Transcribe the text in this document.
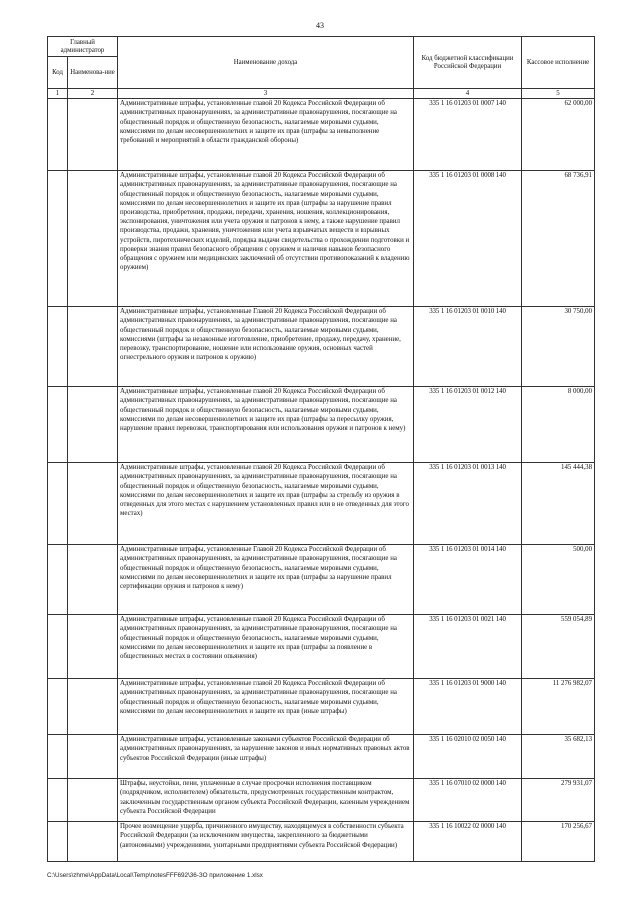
43
Главный администратор		Наименование дохода	Код бюджетной классификации Российской Федерации	Кассовое исполнение
Код	Наименова-ние			
1	2	3	4	5
		Административные штрафы, установленные главой 20 Кодекса Российской Федерации об административных правонарушениях, за административные правонарушения, посягающие на общественный порядок и общественную безопасность, налагаемые мировыми судьями, комиссиями по делам несовершеннолетних и защите их прав (штрафы за невыполнение требований и мероприятий в области гражданской обороны)	335 1 16 01203 01 0007 140	62 000,00
		Административные штрафы, установленные главой 20 Кодекса Российской Федерации об административных правонарушениях, за административные правонарушения, посягающие на общественный порядок и общественную безопасность, налагаемые мировыми судьями, комиссиями по делам несовершеннолетних и защите их прав (штрафы за нарушение правил производства, приобретения, продажи, передачи, хранения, ношения, коллекционирования, экспонирования, уничтожения или учета оружия и патронов к нему, а также нарушение правил производства, продажи, хранения, уничтожения или учета взрывчатых веществ и взрывных устройств, пиротехнических изделий, порядка выдачи свидетельства о прохождении подготовки и проверки знания правил безопасного обращения с оружием и наличия навыков безопасного обращения с оружием или медицинских заключений об отсутствии противопоказаний к владению оружием)	335 1 16 01203 01 0008 140	68 736,91
		Административные штрафы, установленные Главой 20 Кодекса Российской Федерации об административных правонарушениях, за административные правонарушения, посягающие на общественный порядок и общественную безопасность, налагаемые мировыми судьями, комиссиями (штрафы за незаконные изготовление, приобретение, продажу, передачу, хранение, перевозку, транспортирование, ношение или использование оружия, основных частей огнестрельного оружия и патронов к оружию)	335 1 16 01203 01 0010 140	30 750,00
		Административные штрафы, установленные главой 20 Кодекса Российской Федерации об административных правонарушениях, за административные правонарушения, посягающие на общественный порядок и общественную безопасность, налагаемые мировыми судьями, комиссиями по делам несовершеннолетних и защите их прав (штрафы за пересылку оружия, нарушение правил перевозки, транспортирования или использования оружия и патронов к нему)	335 1 16 01203 01 0012 140	8 000,00
		Административные штрафы, установленные главой 20 Кодекса Российской Федерации об административных правонарушениях, за административные правонарушения, посягающие на общественный порядок и общественную безопасность, налагаемые мировыми судьями, комиссиями по делам несовершеннолетних и защите их прав (штрафы за стрельбу из оружия в отведенных для этого местах с нарушением установленных правил или в не отведенных для этого местах)	335 1 16 01203 01 0013 140	145 444,38
		Административные штрафы, установленные Главой 20 Кодекса Российской Федерации об административных правонарушениях, за административные правонарушения, посягающие на общественный порядок и общественную безопасность, налагаемые мировыми судьями, комиссиями по делам несовершеннолетних и защите их прав (штрафы за нарушение правил сертификации оружия и патронов к нему)	335 1 16 01203 01 0014 140	500,00
		Административные штрафы, установленные главой 20 Кодекса Российской Федерации об административных правонарушениях, за административные правонарушения, посягающие на общественный порядок и общественную безопасность, налагаемые мировыми судьями, комиссиями по делам несовершеннолетних и защите их прав (штрафы за появление в общественных местах в состоянии опьянения)	335 1 16 01203 01 0021 140	559 054,89
		Административные штрафы, установленные главой 20 Кодекса Российской Федерации об административных правонарушениях, за административные правонарушения, посягающие на общественный порядок и общественную безопасность, налагаемые мировыми судьями, комиссиями по делам несовершеннолетних и защите их прав (иные штрафы)	335 1 16 01203 01 9000 140	11 276 982,07
		Административные штрафы, установленные законами субъектов Российской Федерации об административных правонарушениях, за нарушение законов и иных нормативных правовых актов субъектов Российской Федерации (иные штрафы)	335 1 16 02010 02 0050 140	35 682,13
		Штрафы, неустойки, пени, уплаченные в случае просрочки исполнения поставщиком (подрядчиком, исполнителем) обязательств, предусмотренных государственным контрактом, заключенным государственным органом субъекта Российской Федерации, казенным учреждением субъекта Российской Федерации	335 1 16 07010 02 0000 140	279 931,07
		Прочее возмещение ущерба, причиненного имуществу, находящемуся в собственности субъекта Российской Федерации (за исключением имущества, закрепленного за бюджетными (автономными) учреждениями, унитарными предприятиями субъекта Российской Федерации)	335 1 16 10022 02 0000 140	170 256,67
C:\Users\zhme\AppData\Local\Temp\notesFFF692\36-ЗО приложение 1.xlsx
